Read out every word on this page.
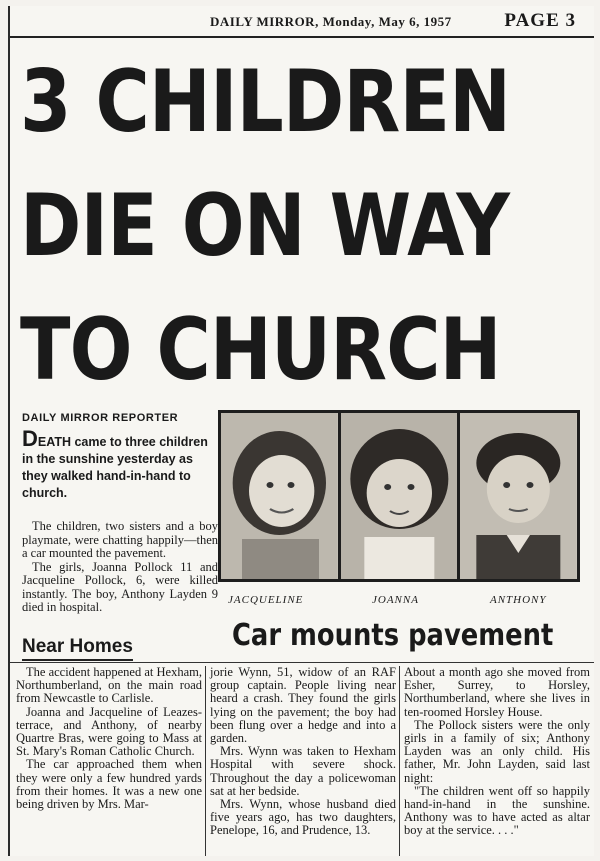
DAILY MIRROR, Monday, May 6, 1957	PAGE 3
3 CHILDREN
DIE ON WAY
TO CHURCH
DAILY MIRROR REPORTER
DEATH came to three children in the sunshine yesterday as they walked hand-in-hand to church.

The children, two sisters and a boy playmate, were chatting happily—then a car mounted the pavement.

The girls, Joanna Pollock 11 and Jacqueline Pollock, 6, were killed instantly. The boy, Anthony Layden 9 died in hospital.

Near Homes
JACQUELINE	JOANNA	ANTHONY
Car mounts pavement

The accident happened at Hexham, Northumberland, on the main road from Newcastle to Carlisle.

Joanna and Jacqueline of Leazes-terrace, and Anthony, of nearby Quartre Bras, were going to Mass at St. Mary's Roman Catholic Church.

The car approached them when they were only a few hundred yards from their homes. It was a new one being driven by Mrs. Mar-

jorie Wynn, 51, widow of an RAF group captain. People living near heard a crash. They found the girls lying on the pavement; the boy had been flung over a hedge and into a garden.

Mrs. Wynn was taken to Hexham Hospital with severe shock. Throughout the day a policewoman sat at her bedside.

Mrs. Wynn, whose husband died five years ago, has two daughters, Penelope, 16, and Prudence, 13.

About a month ago she moved from Esher, Surrey, to Horsley, Northumberland, where she lives in ten-roomed Horsley House.

The Pollock sisters were the only girls in a family of six; Anthony Layden was an only child. His father, Mr. John Layden, said last night:

"The children went off so happily hand-in-hand in the sunshine. Anthony was to have acted as altar boy at the service. . . ."
